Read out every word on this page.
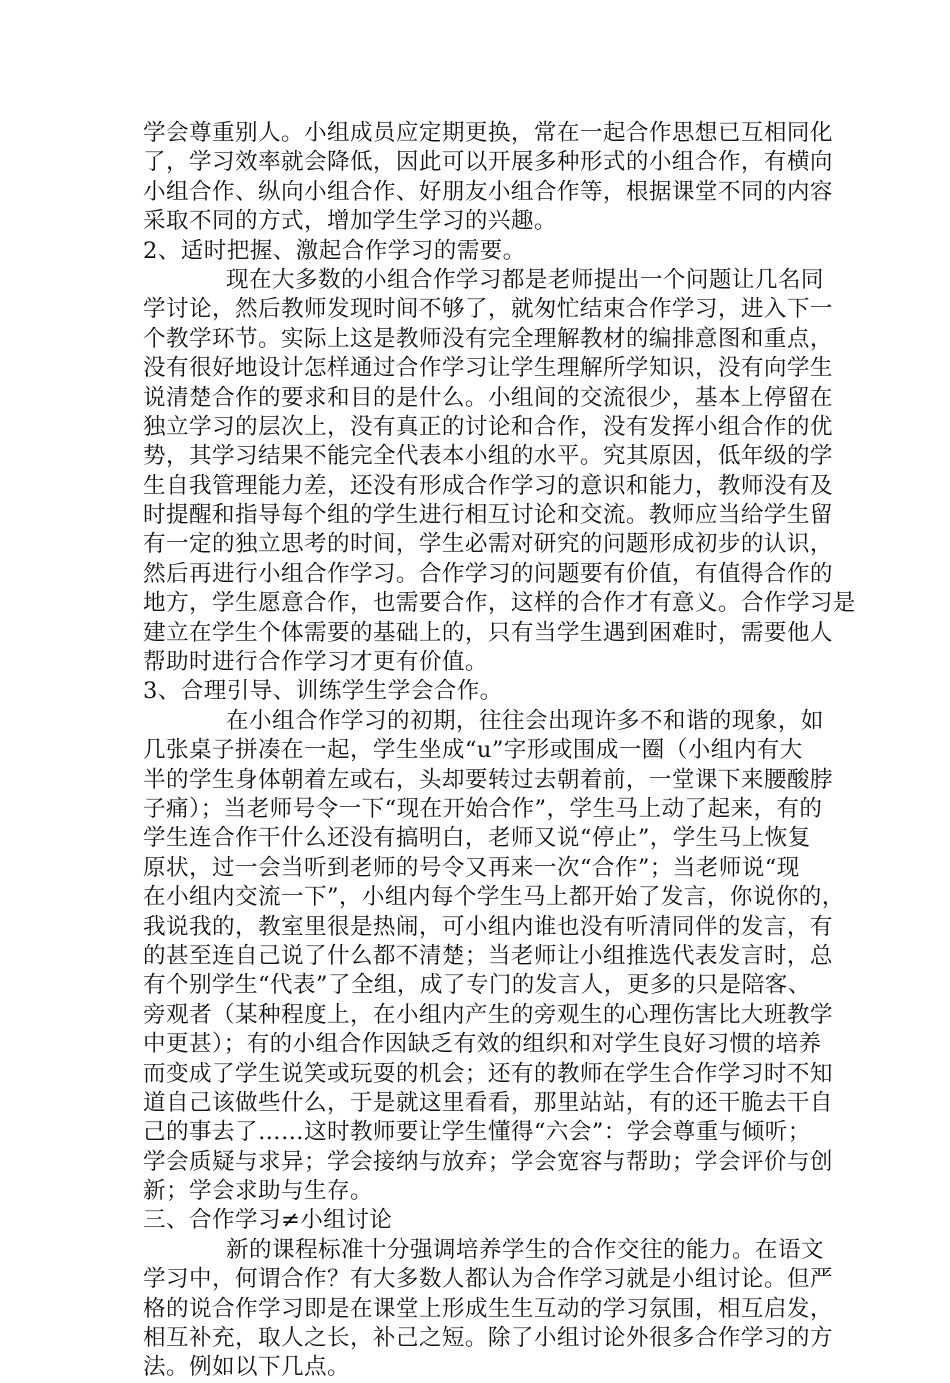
学会尊重别人。小组成员应定期更换，常在一起合作思想已互相同化
了，学习效率就会降低，因此可以开展多种形式的小组合作，有横向
小组合作、纵向小组合作、好朋友小组合作等，根据课堂不同的内容
采取不同的方式，增加学生学习的兴趣。
2、适时把握、激起合作学习的需要。
现在大多数的小组合作学习都是老师提出一个问题让几名同
学讨论，然后教师发现时间不够了，就匆忙结束合作学习，进入下一
个教学环节。实际上这是教师没有完全理解教材的编排意图和重点，
没有很好地设计怎样通过合作学习让学生理解所学知识，没有向学生
说清楚合作的要求和目的是什么。小组间的交流很少，基本上停留在
独立学习的层次上，没有真正的讨论和合作，没有发挥小组合作的优
势，其学习结果不能完全代表本小组的水平。究其原因，低年级的学
生自我管理能力差，还没有形成合作学习的意识和能力，教师没有及
时提醒和指导每个组的学生进行相互讨论和交流。教师应当给学生留
有一定的独立思考的时间，学生必需对研究的问题形成初步的认识，
然后再进行小组合作学习。合作学习的问题要有价值，有值得合作的
地方，学生愿意合作，也需要合作，这样的合作才有意义。合作学习是
建立在学生个体需要的基础上的，只有当学生遇到困难时，需要他人
帮助时进行合作学习才更有价值。
3、合理引导、训练学生学会合作。
在小组合作学习的初期，往往会出现许多不和谐的现象，如
几张桌子拼凑在一起，学生坐成“u”字形或围成一圈（小组内有大
半的学生身体朝着左或右，头却要转过去朝着前，一堂课下来腰酸脖
子痛）；当老师号令一下“现在开始合作”，学生马上动了起来，有的
学生连合作干什么还没有搞明白，老师又说“停止”，学生马上恢复
原状，过一会当听到老师的号令又再来一次“合作”；当老师说“现
在小组内交流一下”，小组内每个学生马上都开始了发言，你说你的，
我说我的，教室里很是热闹，可小组内谁也没有听清同伴的发言，有
的甚至连自己说了什么都不清楚；当老师让小组推选代表发言时，总
有个别学生“代表”了全组，成了专门的发言人，更多的只是陪客、
旁观者（某种程度上，在小组内产生的旁观生的心理伤害比大班教学
中更甚）；有的小组合作因缺乏有效的组织和对学生良好习惯的培养
而变成了学生说笑或玩耍的机会；还有的教师在学生合作学习时不知
道自己该做些什么，于是就这里看看，那里站站，有的还干脆去干自
己的事去了……这时教师要让学生懂得“六会”：学会尊重与倾听；
学会质疑与求异；学会接纳与放弃；学会宽容与帮助；学会评价与创
新；学会求助与生存。
三、合作学习≠小组讨论
新的课程标准十分强调培养学生的合作交往的能力。在语文
学习中，何谓合作？有大多数人都认为合作学习就是小组讨论。但严
格的说合作学习即是在课堂上形成生生互动的学习氛围，相互启发，
相互补充，取人之长，补己之短。除了小组讨论外很多合作学习的方
法。例如以下几点。
